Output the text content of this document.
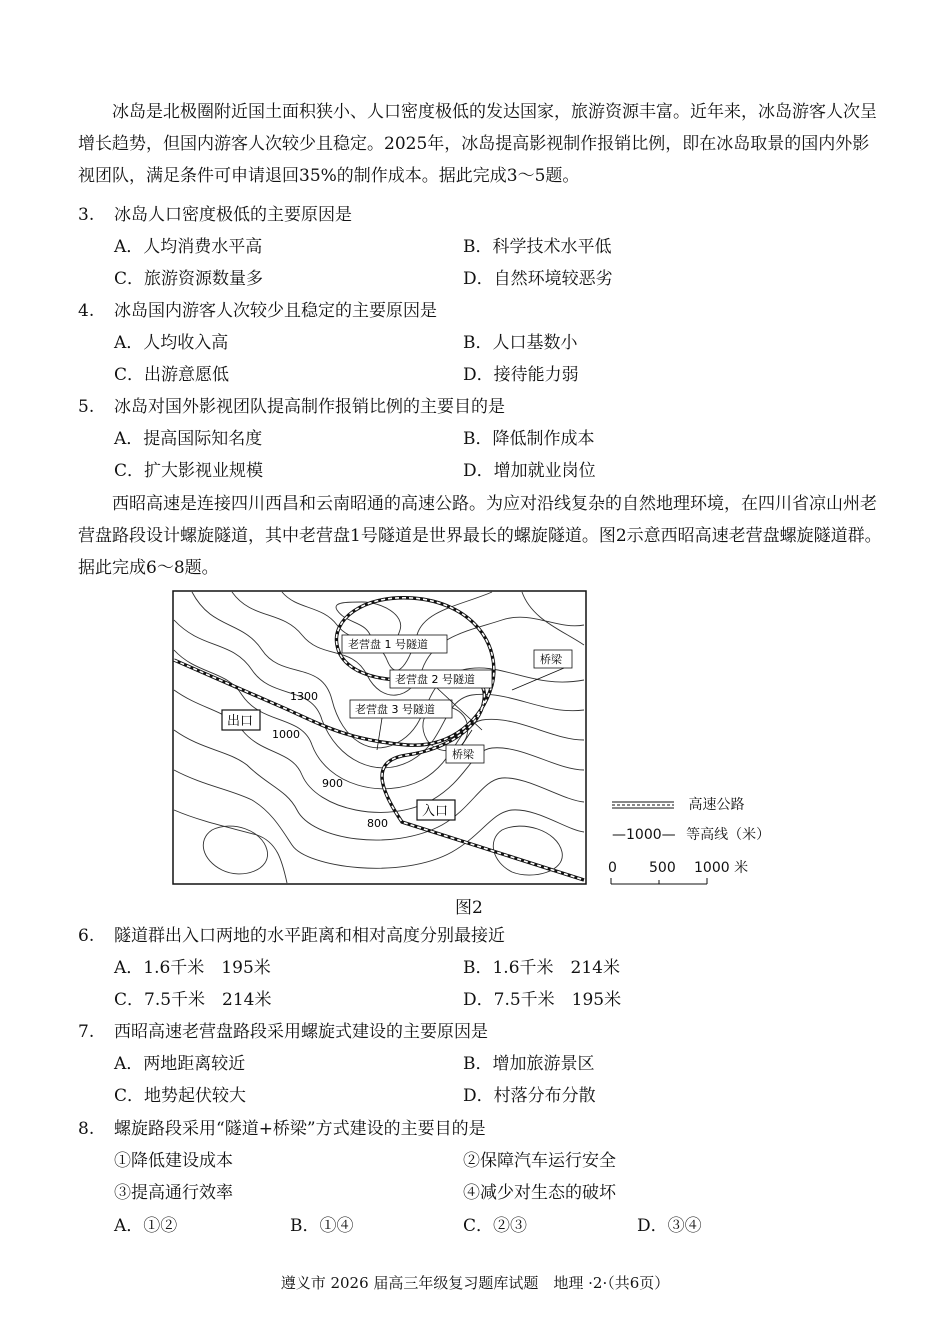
冰岛是北极圈附近国土面积狭小、人口密度极低的发达国家，旅游资源丰富。近年来，冰岛游客人次呈增长趋势，但国内游客人次较少且稳定。2025年，冰岛提高影视制作报销比例，即在冰岛取景的国内外影视团队，满足条件可申请退回35%的制作成本。据此完成3～5题。
3. 冰岛人口密度极低的主要原因是
A．人均消费水平高	B．科学技术水平低
C．旅游资源数量多	D．自然环境较恶劣
4. 冰岛国内游客人次较少且稳定的主要原因是
A．人均收入高	B．人口基数小
C．出游意愿低	D．接待能力弱
5. 冰岛对国外影视团队提高制作报销比例的主要目的是
A．提高国际知名度	B．降低制作成本
C．扩大影视业规模	D．增加就业岗位
西昭高速是连接四川西昌和云南昭通的高速公路。为应对沿线复杂的自然地理环境，在四川省凉山州老营盘路段设计螺旋隧道，其中老营盘1号隧道是世界最长的螺旋隧道。图2示意西昭高速老营盘螺旋隧道群。据此完成6～8题。
老营盘 1 号隧道
老营盘 2 号隧道
老营盘 3 号隧道
桥梁
桥梁
出口
入口
1300
1000
900
800
高速公路
—1000— 等高线（米）
0 500 1000 米
图2
6. 隧道群出入口两地的水平距离和相对高度分别最接近
A．1.6千米　195米	B．1.6千米　214米
C．7.5千米　214米	D．7.5千米　195米
7. 西昭高速老营盘路段采用螺旋式建设的主要原因是
A．两地距离较近	B．增加旅游景区
C．地势起伏较大	D．村落分布分散
8. 螺旋路段采用“隧道+桥梁”方式建设的主要目的是
①降低建设成本	②保障汽车运行安全
③提高通行效率	④减少对生态的破坏
A．①②	B．①④	C．②③	D．③④
遵义市 2026 届高三年级复习题库试题　地理 ·2·（共6页）
